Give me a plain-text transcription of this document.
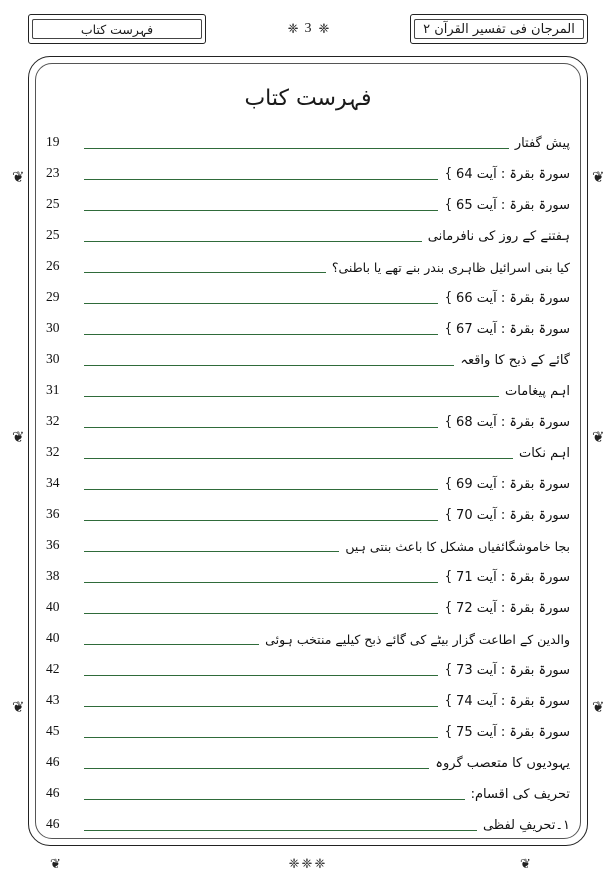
فہرست کتاب	❈ 3 ❈	المرجان فی تفسیر القرآن ۲
❦
❦
❦
❦
❦
❦
❈❈❈
❦	❦
فہرست کتاب
19	پیش گفتار
23	سورۃ بقرۃ : آیت 64
}
25	سورۃ بقرۃ : آیت 65
}
25	ہفتنے کے روز کی نافرمانی
26	کیا بنی اسرائیل ظاہری بندر بنے تھے یا باطنی؟
29	سورۃ بقرۃ : آیت 66
}
30	سورۃ بقرۃ : آیت 67
}
30	گائے کے ذبح کا واقعہ
31	اہم پیغامات
32	سورۃ بقرۃ : آیت 68
}
32	اہم نکات
34	سورۃ بقرۃ : آیت 69
}
36	سورۃ بقرۃ : آیت 70
}
36	بجا خاموشگائفیاں مشکل کا باعث بنتی ہیں
38	سورۃ بقرۃ : آیت 71
}
40	سورۃ بقرۃ : آیت 72
}
40	والدین کے اطاعت گزار بیٹے کی گائے ذبح کیلیے منتخب ہوئی
42	سورۃ بقرۃ : آیت 73
}
43	سورۃ بقرۃ : آیت 74
}
45	سورۃ بقرۃ : آیت 75
}
46	یہودیوں کا متعصب گروہ
46	تحریف کی اقسام:
46	۱۔تحریفِ لفظی
